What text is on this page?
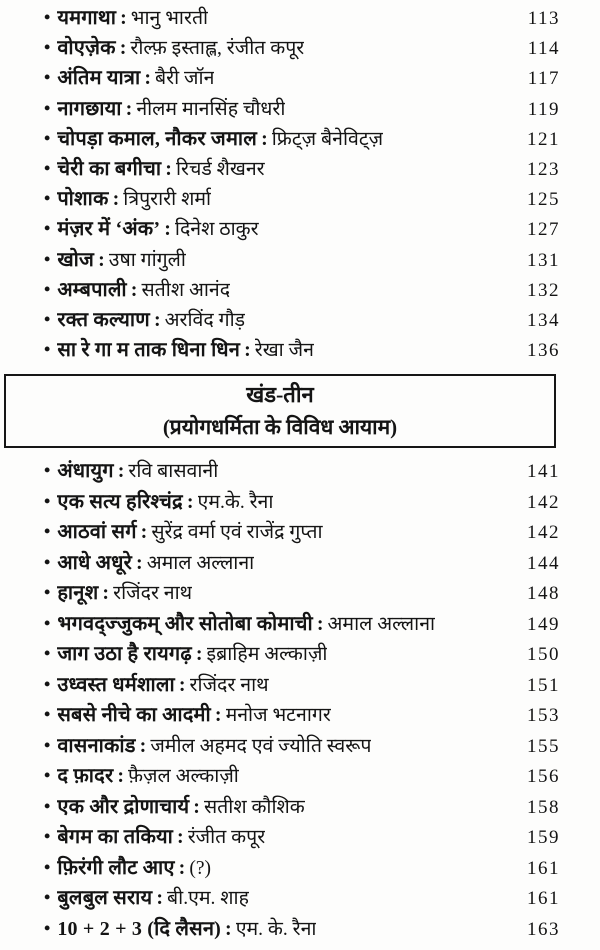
• यमगाथा : भानु भारती	113
• वोएज़ेक : रौल्फ़ इस्ताह्ल, रंजीत कपूर	114
• अंतिम यात्रा : बैरी जॉन	117
• नागछाया : नीलम मानसिंह चौधरी	119
• चोपड़ा कमाल, नौकर जमाल : फ्रिट्ज़ बैनेविट्ज़	121
• चेरी का बगीचा : रिचर्ड शैखनर	123
• पोशाक : त्रिपुरारी शर्मा	125
• मंज़र में ‘अंक’ : दिनेश ठाकुर	127
• खोज : उषा गांगुली	131
• अम्बपाली : सतीश आनंद	132
• रक्त कल्याण : अरविंद गौड़	134
• सा रे गा म ताक धिना धिन : रेखा जैन	136
खंड-तीन
(प्रयोगधर्मिता के विविध आयाम)
• अंधायुग : रवि बासवानी	141
• एक सत्य हरिश्चंद्र : एम.के. रैना	142
• आठवां सर्ग : सुरेंद्र वर्मा एवं राजेंद्र गुप्ता	142
• आधे अधूरे : अमाल अल्लाना	144
• हानूश : रजिंदर नाथ	148
• भगवद्ज्जुकम् और सोतोबा कोमाची : अमाल अल्लाना	149
• जाग उठा है रायगढ़ : इब्राहिम अल्काज़ी	150
• उध्वस्त धर्मशाला : रजिंदर नाथ	151
• सबसे नीचे का आदमी : मनोज भटनागर	153
• वासनाकांड : जमील अहमद एवं ज्योति स्वरूप	155
• द फ़ादर : फ़ैज़ल अल्काज़ी	156
• एक और द्रोणाचार्य : सतीश कौशिक	158
• बेगम का तकिया : रंजीत कपूर	159
• फ़िरंगी लौट आए : (?)	161
• बुलबुल सराय : बी.एम. शाह	161
• 10 + 2 + 3 (दि लैसन) : एम. के. रैना	163
